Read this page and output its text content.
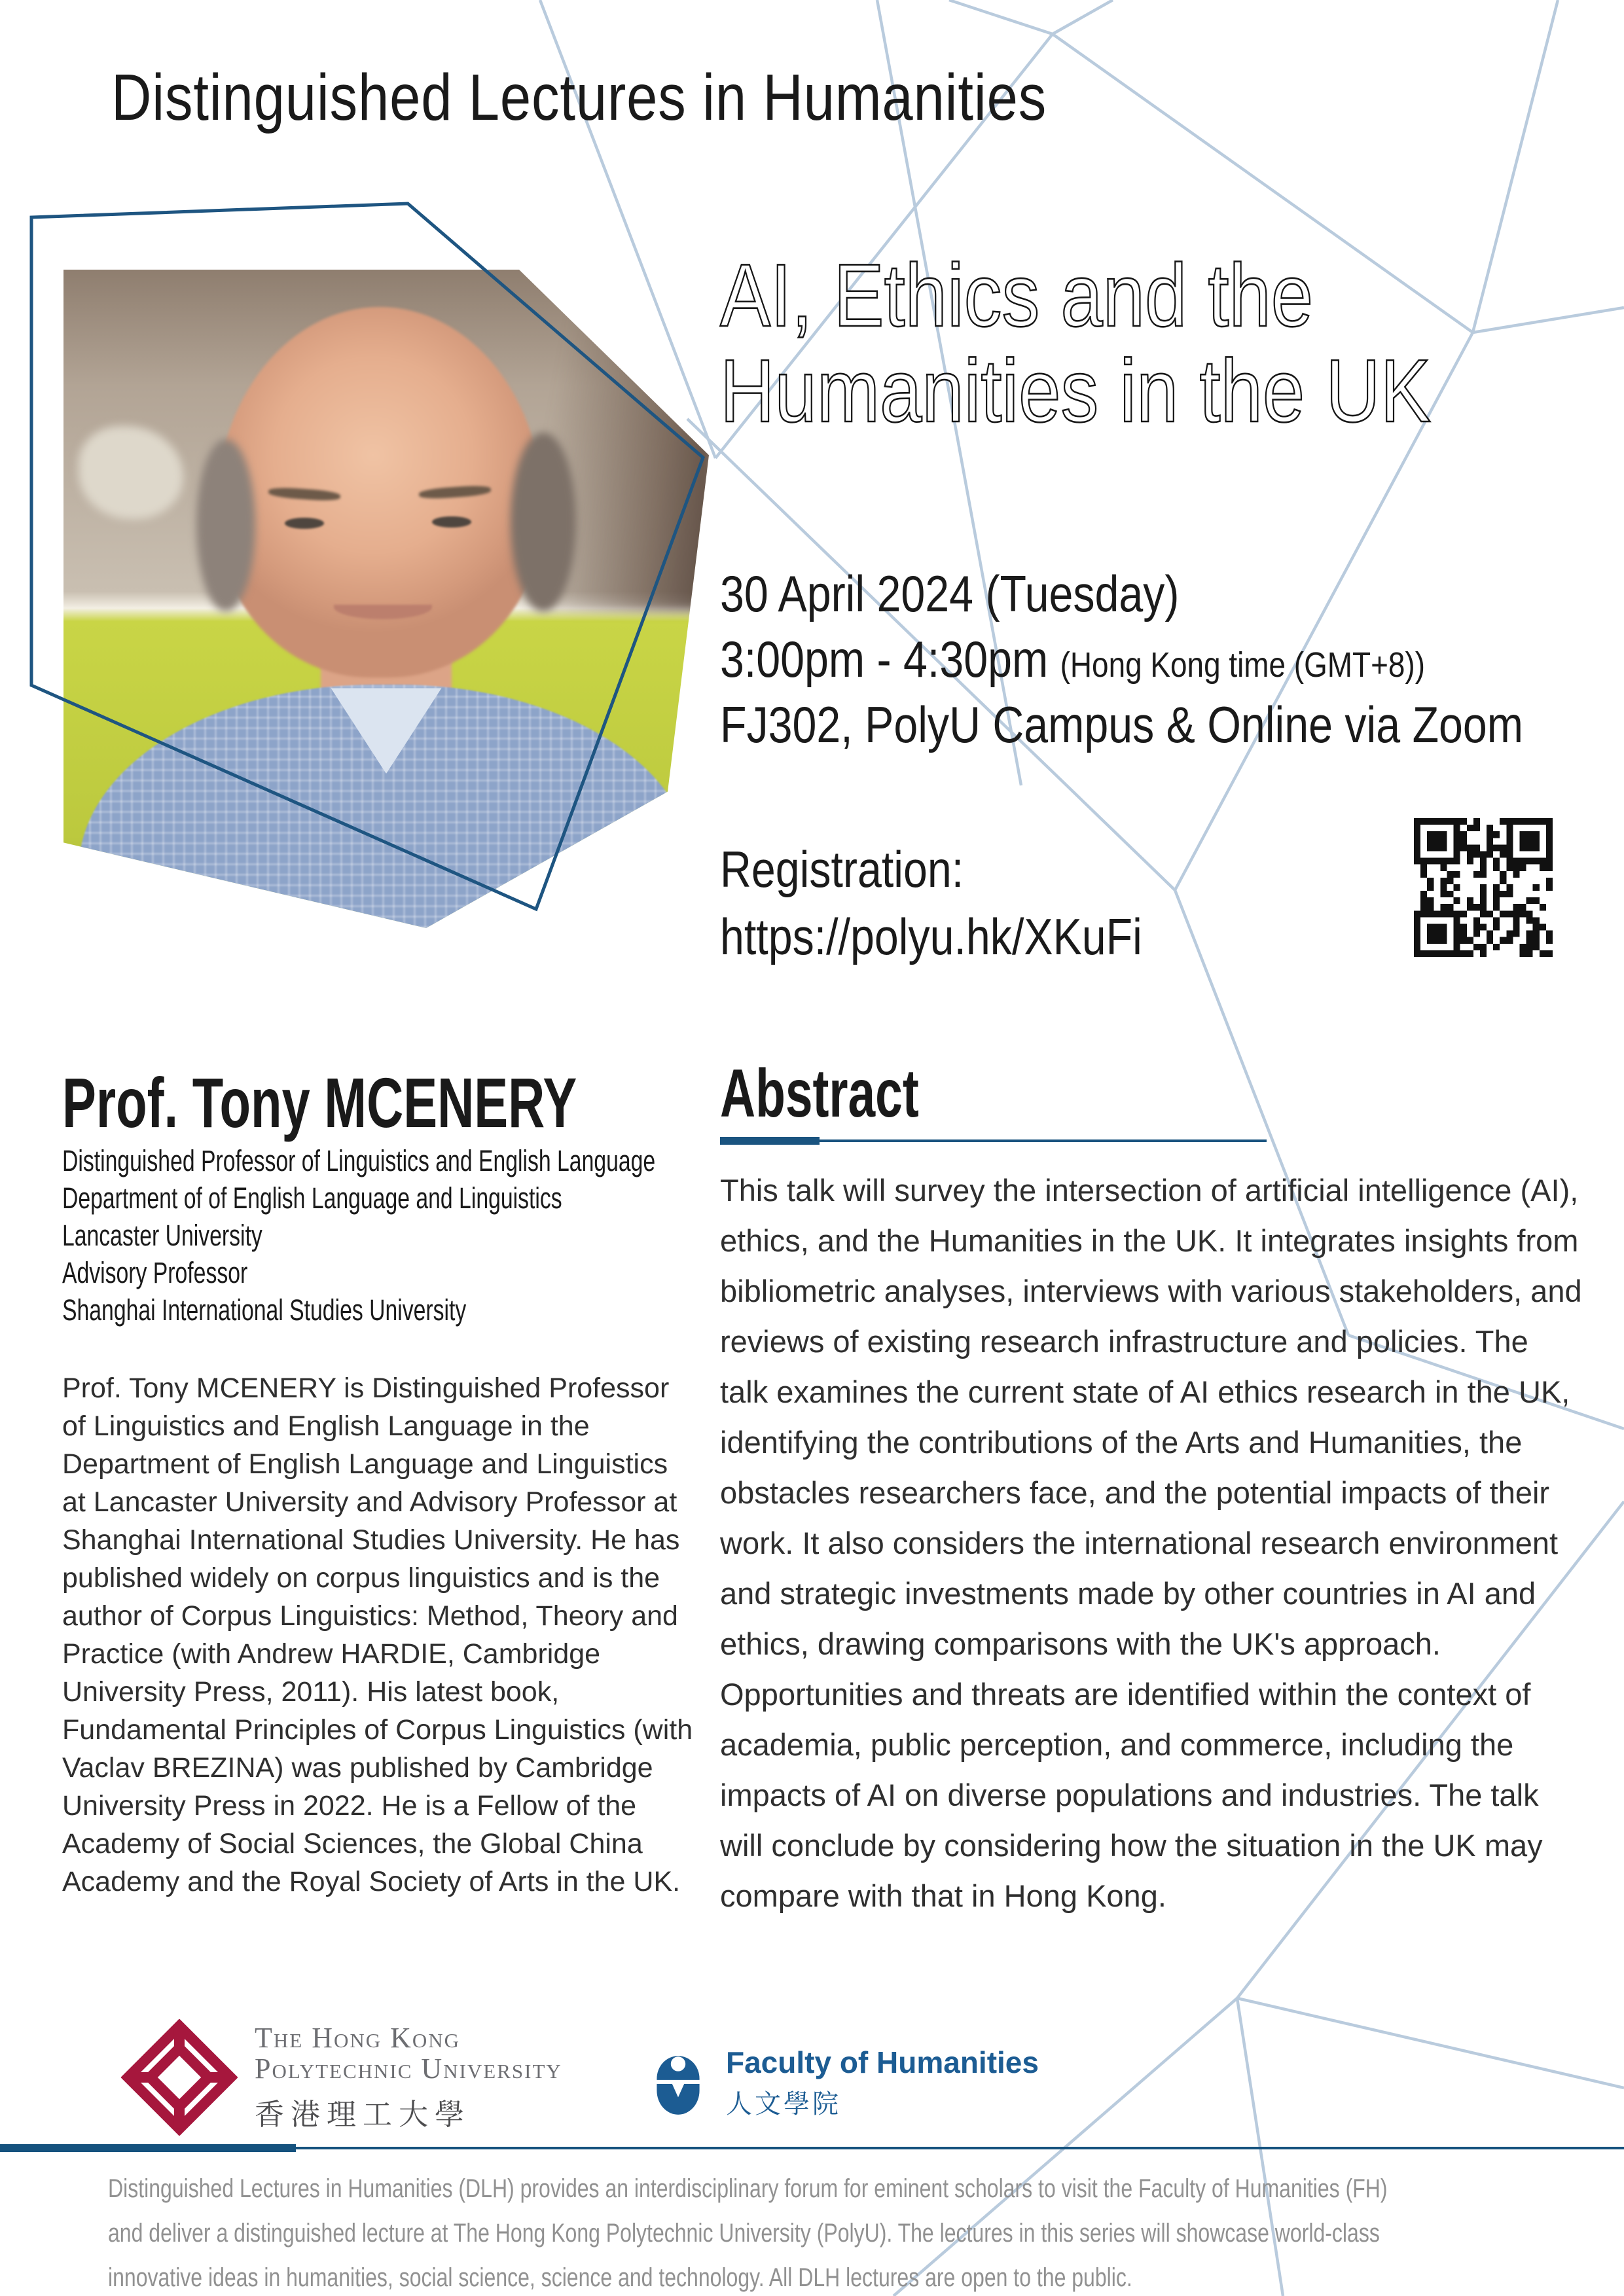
Distinguished Lectures in Humanities
AI, Ethics and the
Humanities in the UK
30 April 2024 (Tuesday)
3:00pm - 4:30pm (Hong Kong time (GMT+8))
FJ302, PolyU Campus & Online via Zoom
Registration:
https://polyu.hk/XKuFi
Prof. Tony MCENERY
Distinguished Professor of Linguistics and English Language
Department of of English Language and Linguistics
Lancaster University
Advisory Professor
Shanghai International Studies University
Prof. Tony MCENERY is Distinguished Professor of Linguistics and English Language in the Department of English Language and Linguistics at Lancaster University and Advisory Professor at Shanghai International Studies University. He has published widely on corpus linguistics and is the author of Corpus Linguistics: Method, Theory and Practice (with Andrew HARDIE, Cambridge University Press, 2011). His latest book, Fundamental Principles of Corpus Linguistics (with Vaclav BREZINA) was published by Cambridge University Press in 2022. He is a Fellow of the Academy of Social Sciences, the Global China Academy and the Royal Society of Arts in the UK.
Abstract
This talk will survey the intersection of artificial intelligence (AI), ethics, and the Humanities in the UK. It integrates insights from bibliometric analyses, interviews with various stakeholders, and reviews of existing research infrastructure and policies. The talk examines the current state of AI ethics research in the UK, identifying the contributions of the Arts and Humanities, the obstacles researchers face, and the potential impacts of their work. It also considers the international research environment and strategic investments made by other countries in AI and ethics, drawing comparisons with the UK's approach. Opportunities and threats are identified within the context of academia, public perception, and commerce, including the impacts of AI on diverse populations and industries. The talk will conclude by considering how the situation in the UK may compare with that in Hong Kong.
The Hong Kong
Polytechnic University
香港理工大學
Faculty of Humanities
人文學院
Distinguished Lectures in Humanities (DLH) provides an interdisciplinary forum for eminent scholars to visit the Faculty of Humanities (FH)
and deliver a distinguished lecture at The Hong Kong Polytechnic University (PolyU). The lectures in this series will showcase world-class
innovative ideas in humanities, social science, science and technology. All DLH lectures are open to the public.
